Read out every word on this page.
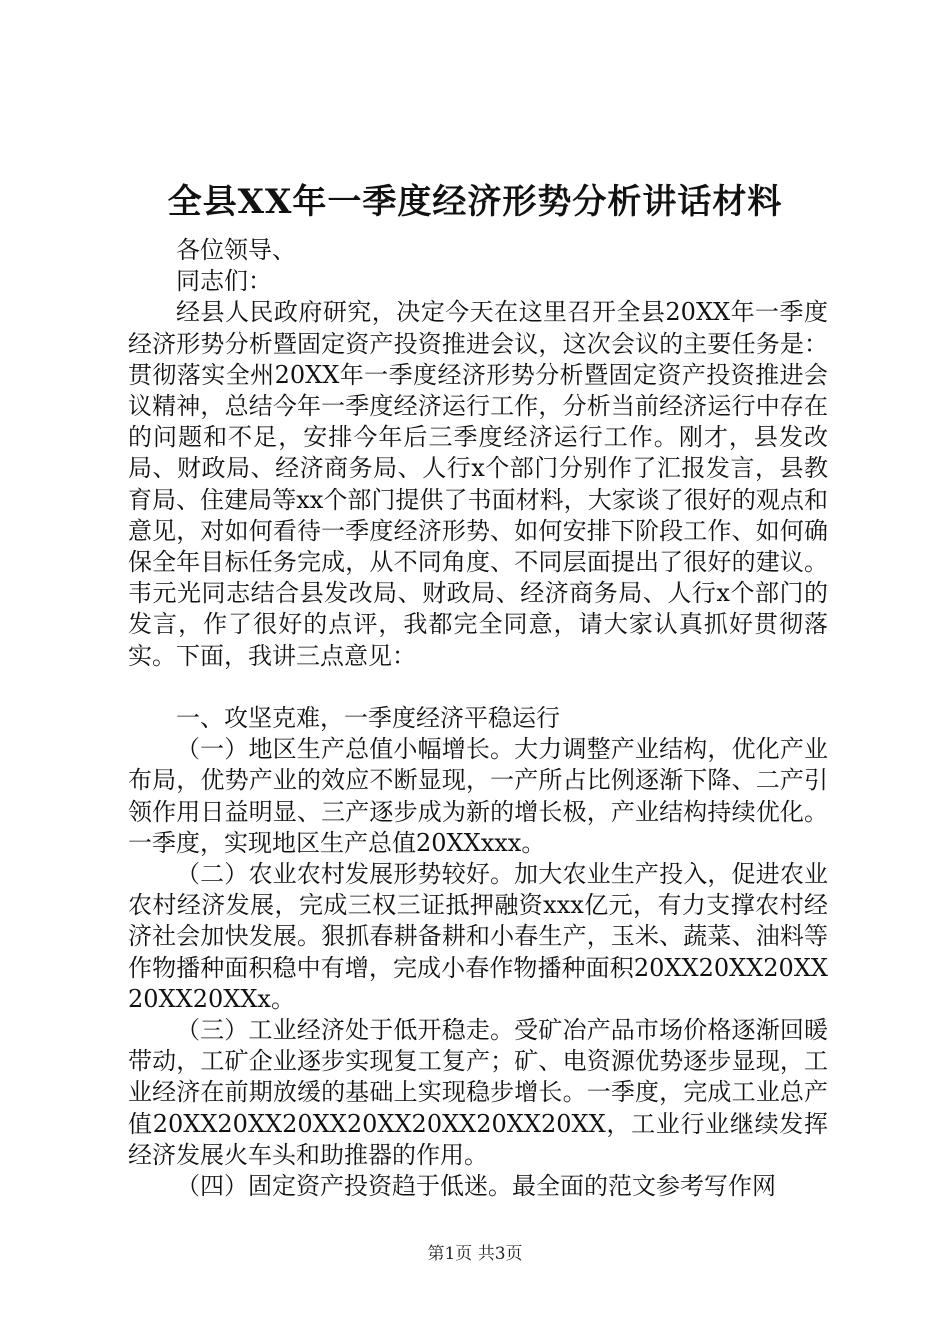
全县XX年一季度经济形势分析讲话材料

各位领导、

同志们：

经县人民政府研究，决定今天在这里召开全县20XX年一季度经济形势分析暨固定资产投资推进会议，这次会议的主要任务是：贯彻落实全州20XX年一季度经济形势分析暨固定资产投资推进会议精神，总结今年一季度经济运行工作，分析当前经济运行中存在的问题和不足，安排今年后三季度经济运行工作。刚才，县发改局、财政局、经济商务局、人行x个部门分别作了汇报发言，县教育局、住建局等xx个部门提供了书面材料，大家谈了很好的观点和意见，对如何看待一季度经济形势、如何安排下阶段工作、如何确保全年目标任务完成，从不同角度、不同层面提出了很好的建议。韦元光同志结合县发改局、财政局、经济商务局、人行x个部门的发言，作了很好的点评，我都完全同意，请大家认真抓好贯彻落实。下面，我讲三点意见：

一、攻坚克难，一季度经济平稳运行

（一）地区生产总值小幅增长。大力调整产业结构，优化产业布局，优势产业的效应不断显现，一产所占比例逐渐下降、二产引领作用日益明显、三产逐步成为新的增长极，产业结构持续优化。一季度，实现地区生产总值20XXxxx。

（二）农业农村发展形势较好。加大农业生产投入，促进农业农村经济发展，完成三权三证抵押融资xxx亿元，有力支撑农村经济社会加快发展。狠抓春耕备耕和小春生产，玉米、蔬菜、油料等作物播种面积稳中有增，完成小春作物播种面积20XX20XX20XX20XX20XXx。

（三）工业经济处于低开稳走。受矿冶产品市场价格逐渐回暖带动，工矿企业逐步实现复工复产；矿、电资源优势逐步显现，工业经济在前期放缓的基础上实现稳步增长。一季度，完成工业总产值20XX20XX20XX20XX20XX20XX20XX，工业行业继续发挥经济发展火车头和助推器的作用。

（四）固定资产投资趋于低迷。最全面的范文参考写作网

第1页 共3页
